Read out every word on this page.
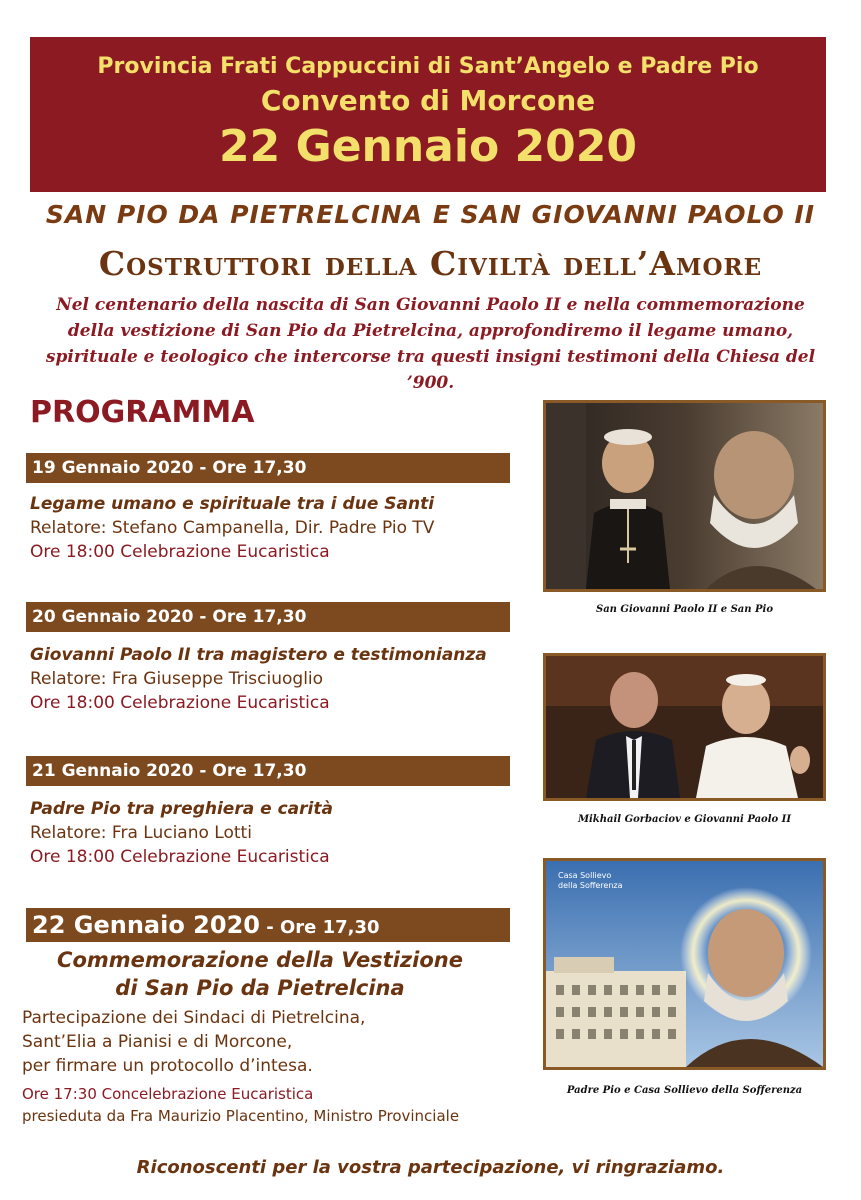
Provincia Frati Cappuccini di Sant’Angelo e Padre Pio
Convento di Morcone
22 Gennaio 2020
SAN PIO DA PIETRELCINA E SAN GIOVANNI PAOLO II
Costruttori della Civiltà dell’Amore
Nel centenario della nascita di San Giovanni Paolo II e nella commemorazione
della vestizione di San Pio da Pietrelcina, approfondiremo il legame umano,
spirituale e teologico che intercorse tra questi insigni testimoni della Chiesa del ’900.
PROGRAMMA
19 Gennaio 2020 - Ore 17,30
Legame umano e spirituale tra i due Santi
Relatore: Stefano Campanella, Dir. Padre Pio TV
Ore 18:00 Celebrazione Eucaristica
20 Gennaio 2020 - Ore 17,30
Giovanni Paolo II tra magistero e testimonianza
Relatore: Fra Giuseppe Trisciuoglio
Ore 18:00 Celebrazione Eucaristica
21 Gennaio 2020 - Ore 17,30
Padre Pio tra preghiera e carità
Relatore: Fra Luciano Lotti
Ore 18:00 Celebrazione Eucaristica
22 Gennaio 2020 - Ore 17,30
Commemorazione della Vestizione
di San Pio da Pietrelcina
Partecipazione dei Sindaci di Pietrelcina,
Sant’Elia a Pianisi e di Morcone,
per firmare un protocollo d’intesa.
Ore 17:30 Concelebrazione Eucaristica
presieduta da Fra Maurizio Placentino, Ministro Provinciale
San Giovanni Paolo II e San Pio
Mikhail Gorbaciov e Giovanni Paolo II
Casa Sollievo della Sofferenza
Padre Pio e Casa Sollievo della Sofferenza
Riconoscenti per la vostra partecipazione, vi ringraziamo.
